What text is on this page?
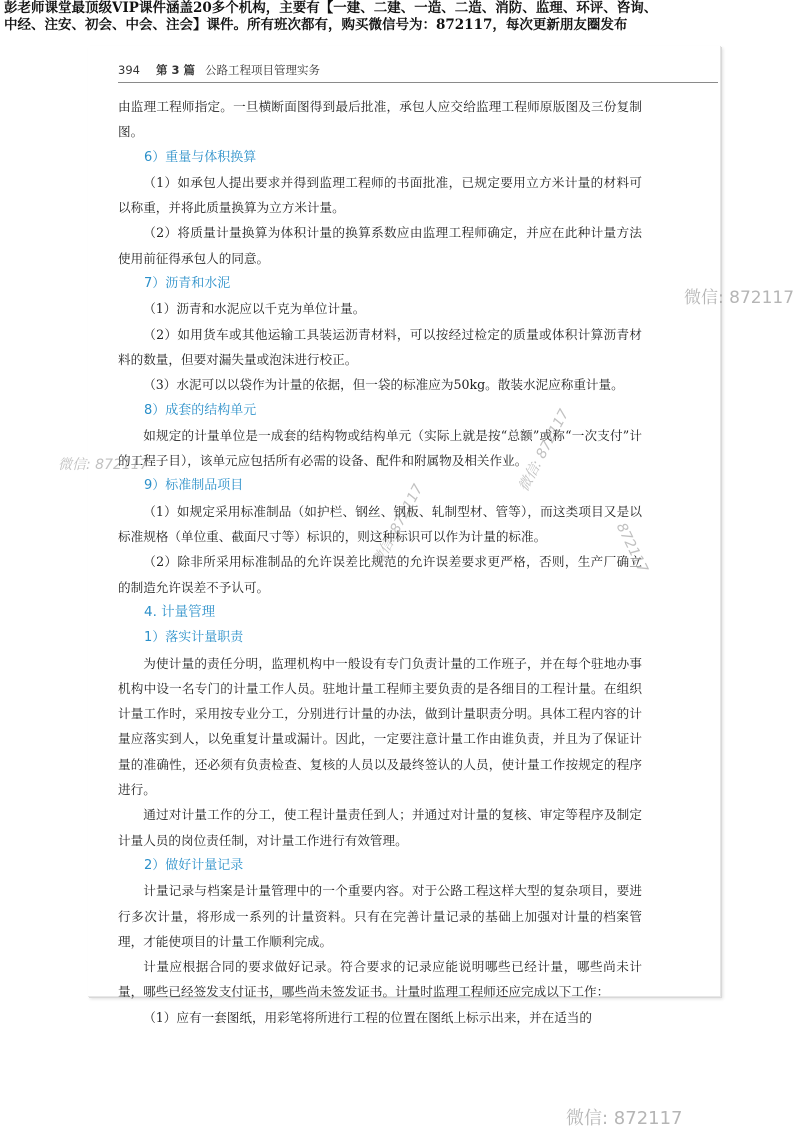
彭老师课堂最顶级VIP课件涵盖20多个机构，主要有【一建、二建、一造、二造、消防、监理、环评、咨询、
中经、注安、初会、中会、注会】课件。所有班次都有，购买微信号为：872117，每次更新朋友圈发布
394 第 3 篇 公路工程项目管理实务

由监理工程师指定。一旦横断面图得到最后批准，承包人应交给监理工程师原版图及三份复制图。

6）重量与体积换算

（1）如承包人提出要求并得到监理工程师的书面批准，已规定要用立方米计量的材料可以称重，并将此质量换算为立方米计量。

（2）将质量计量换算为体积计量的换算系数应由监理工程师确定，并应在此种计量方法使用前征得承包人的同意。

7）沥青和水泥

（1）沥青和水泥应以千克为单位计量。

（2）如用货车或其他运输工具装运沥青材料，可以按经过检定的质量或体积计算沥青材料的数量，但要对漏失量或泡沫进行校正。

（3）水泥可以以袋作为计量的依据，但一袋的标准应为50kg。散装水泥应称重计量。

8）成套的结构单元

如规定的计量单位是一成套的结构物或结构单元（实际上就是按“总额”或称“一次支付”计的工程子目），该单元应包括所有必需的设备、配件和附属物及相关作业。

9）标准制品项目

（1）如规定采用标准制品（如护栏、钢丝、钢板、轧制型材、管等），而这类项目又是以标准规格（单位重、截面尺寸等）标识的，则这种标识可以作为计量的标准。

（2）除非所采用标准制品的允许误差比规范的允许误差要求更严格，否则，生产厂确立的制造允许误差不予认可。

4. 计量管理
1）落实计量职责

为使计量的责任分明，监理机构中一般设有专门负责计量的工作班子，并在每个驻地办事机构中设一名专门的计量工作人员。驻地计量工程师主要负责的是各细目的工程计量。在组织计量工作时，采用按专业分工，分别进行计量的办法，做到计量职责分明。具体工程内容的计量应落实到人，以免重复计量或漏计。因此，一定要注意计量工作由谁负责，并且为了保证计量的准确性，还必须有负责检查、复核的人员以及最终签认的人员，使计量工作按规定的程序进行。

通过对计量工作的分工，使工程计量责任到人；并通过对计量的复核、审定等程序及制定计量人员的岗位责任制，对计量工作进行有效管理。

2）做好计量记录

计量记录与档案是计量管理中的一个重要内容。对于公路工程这样大型的复杂项目，要进行多次计量，将形成一系列的计量资料。只有在完善计量记录的基础上加强对计量的档案管理，才能使项目的计量工作顺利完成。

计量应根据合同的要求做好记录。符合要求的记录应能说明哪些已经计量，哪些尚未计量，哪些已经签发支付证书，哪些尚未签发证书。计量时监理工程师还应完成以下工作：

（1）应有一套图纸，用彩笔将所进行工程的位置在图纸上标示出来，并在适当的

微信: 872117
微信: 872117	微信: 872117
微信: 872117	872117
微信: 872117
